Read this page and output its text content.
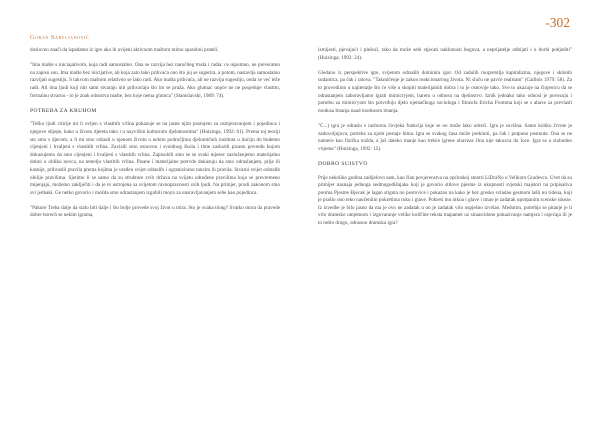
Goran Sarvljanović
-302

doslovno znači da ispadamo iz igre ako ih uvijeni aktivnom maštom mimo spasobni prateli.

"Ima mašte s iniciajativom, koja radi samostalno. Ona se razvija bez naročiteg truda i radia: ce uipomno, ne preveramo na zapisu sou. Ima mašte bez inicijative, ali koja zato lako prihvaća ono što joj se sugerira, a potom, nastavlja samostalno razvijati sugestiju. S takvom maštom relativno se lako radi. Ako mašta prihvaća, ali ne razvija sugestiju, onda se već teže radi. Ali ima ljudi koji niti sami stvaraju niti prihvaćaju što im se pruža. Ako glumac uopće ne ne posjeduje vlastitu, formalnu stvarnu - to je znak odsustva mašte, bez koje nema glumca" (Stanislavski, 1989: 74).

POTREBA ZA KRUHOM

"Teško ljudi citirije mi li ovljen s vlastitih vrlina pokazuje se na jasne njim postojem za usmjeravanjem i pojedinca i njegove slijepe, kako u životu djeteta tako i u nayvišim kulturnim djelatnostima" (Huizinga, 1992: 61). Prema toj teoriji sto smo s djecom, a li mi smo odrasli u njenom životu u nekim područjima djelomičnih instituta u iniciju do budemo cijenjeni i hvaljeni s vlastitih vrlina. Zavisili smo osnovnu i svoidnog škola i time zasluzili pizanu povredu kojom dokazujemo da smo cijenjeni i hvaljeni s vlastitih vrlina. Zapisobili smo se se svaki mjesec zasluženjemo materijalno dobro u obliku novca, na temelju vlastitih vrlina. Pisane i materijalne potrvde dokazuju da smo odraslanjem, prije ili kasnije, prihvatili pravila prema kojima je uređen svijet odraslih i ogranizirano tanzim ih pravila. Stvarni svijet odraslih obilije pravilima. Sjetimo li se samo da su strukture svih država na svijetu određene pravilima koja se prevremeno mijenjaju, možemo zaključiti i da je to ustrojena sa svijetom ravnopravnosti svih ljudi. Na primjer, prodi zakonom smo svi jednaki. Ge netko govorio i možda smo odrastanjem izgubili moyn za unsravljavanjem sebe kao pojedinca.

"Pakore Treba dalje da stalo biti dalje i što bolje provede svoj život u mira. Sto je svaka tiong? Svatko mora da pravede dobre borech se nekim igrama,

izmijesti, pjevajući i plešući, tako da može sebi stjecati naklonosti bogova, a neprijatelje odbijati i u borbi pobjediti" (Huizinga, 1992: 24).

Gledano iz perspektive igre, svijetom odraslih dominira igor. Od zadulih ruopremlja kapitalizma, njegove i sklonih sudantica, pa čak i ratova. "Takmičenje je zakon reakcionarnog života. Ni sluču ne pavće realisam" (Caillois 1979: 58). Za to provodimo u najiteratje što će više u skopiti materijalnih dobra i to je osnovije tako. Sve to ukazuje na činjenicu da se odrastanjem zaboravljamo igrati mimicryjem, barem u odnosu na djetinstvo. Iznik jednako tako odnosi je povezuju i potrebu za mimicryom što potvrđuju djelo njemačkoga sociologa i filozofa Ericha Fromma koji se s abave za prevlasti modusa Imanja naad modusom imanja.

"C...) igra je odraslu s razbornu čovjeka funkcija koje se on može lako odreći. Igra je suvišna. Samo koliko žrvote je zadovoljnjova, potreba za njom postaje hitna. Igra se svakog časa može prekiniti, pa čak i potpuno postnuta. Ona se ne nameće kao fizička nužda, a još daleko manje kao trebće igrene obaveza Ona nije takozva du Ioce. Igra se u slobodno vrijeme" (Huizinga, 1992: 15).

DOBRO SUISTVO

Prije nekoliko godina zadijelovo sam, kao član povjerenstva na općinskoj smotri LiDraNo u Velikom Gradevcu. Uvet da su primijer nasnaja jednoga sedmogodišnjaka koji je govorio stilove pjesme iz ukupnosti svjetski majstori na pripisaliva prerma Pjesme Đjecak je lagao stiguta no postovice i pokazao na kako je bez gresko svladao gesmom lašli nu ridena, koji je prašio ono teko naučeniim pokretima ruku i glave. Pokreti mu nikoa i glave i imao je zadatak uporpanim scenske iskeze. Iz izvedbe je bilo jasno da ma je ovo ne zadatak u on je zadatak vrlo uspješno izvršao. Medutim, potrebja se pitanje je li vrlo dramsko umjetnom i izgovaranje velike količine teksta mapamet uz sinancidone pokazivanje namjera i osjećaja ili je to nešto drugo, odnosno dramska igra?
